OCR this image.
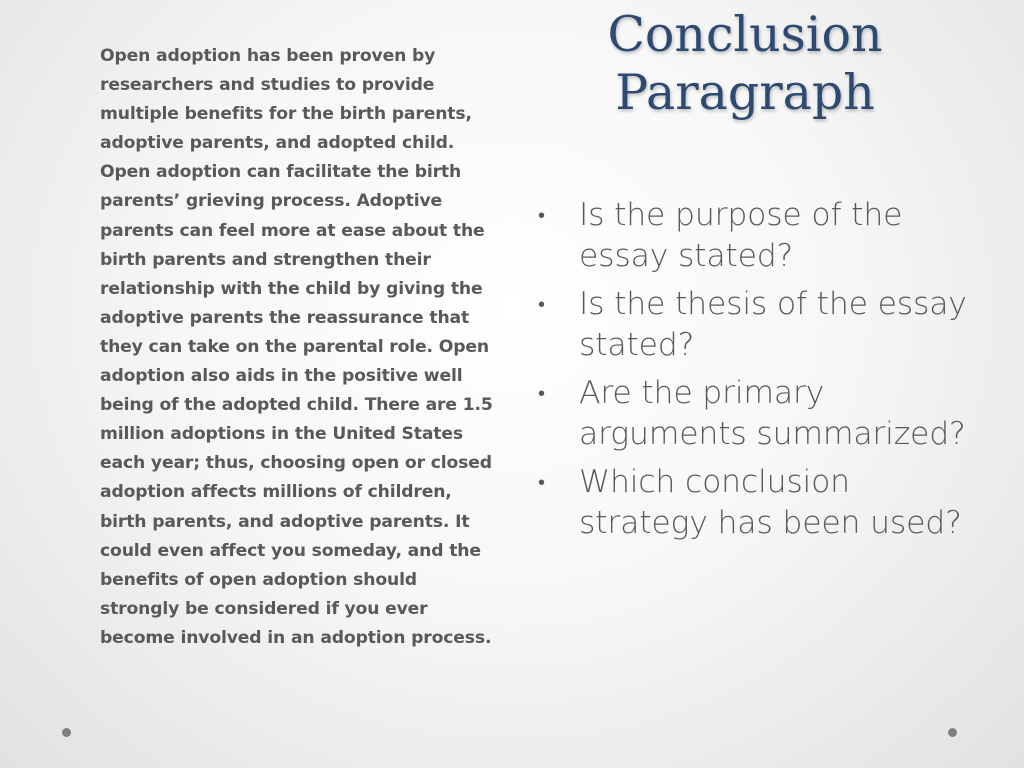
Open adoption has been proven by researchers and studies to provide multiple benefits for the birth parents, adoptive parents, and adopted child. Open adoption can facilitate the birth parents’ grieving process. Adoptive parents can feel more at ease about the birth parents and strengthen their relationship with the child by giving the adoptive parents the reassurance that they can take on the parental role. Open adoption also aids in the positive well being of the adopted child. There are 1.5 million adoptions in the United States each year; thus, choosing open or closed adoption affects millions of children, birth parents, and adoptive parents. It could even affect you someday, and the benefits of open adoption should strongly be considered if you ever become involved in an adoption process.

Conclusion
Paragraph
• Is the purpose of the essay stated?
• Is the thesis of the essay stated?
• Are the primary arguments summarized?
• Which conclusion strategy has been used?
